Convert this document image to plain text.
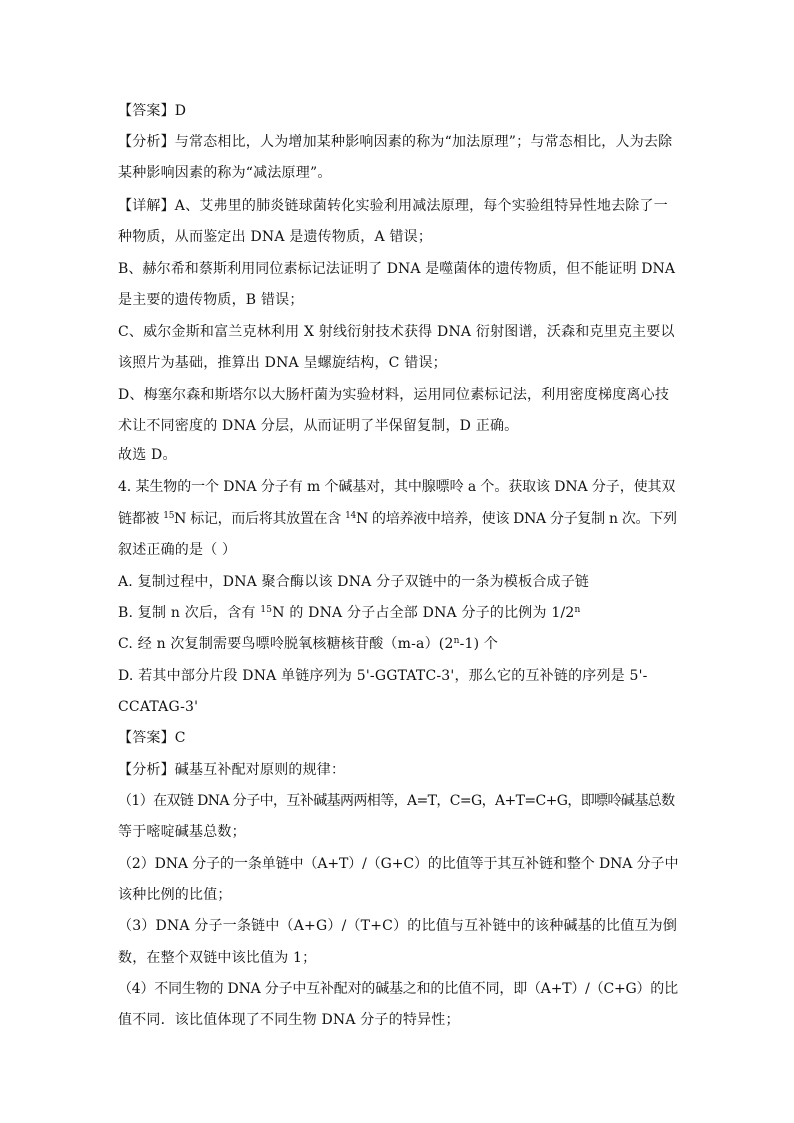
【答案】D
【分析】与常态相比，人为增加某种影响因素的称为“加法原理”；与常态相比，人为去除
某种影响因素的称为“减法原理”。
【详解】A、艾弗里的肺炎链球菌转化实验利用减法原理，每个实验组特异性地去除了一
种物质，从而鉴定出 DNA 是遗传物质，A 错误；
B、赫尔希和蔡斯利用同位素标记法证明了 DNA 是噬菌体的遗传物质，但不能证明 DNA
是主要的遗传物质，B 错误；
C、威尔金斯和富兰克林利用 X 射线衍射技术获得 DNA 衍射图谱，沃森和克里克主要以
该照片为基础，推算出 DNA 呈螺旋结构，C 错误；
D、梅塞尔森和斯塔尔以大肠杆菌为实验材料，运用同位素标记法，利用密度梯度离心技
术让不同密度的 DNA 分层，从而证明了半保留复制，D 正确。
故选 D。
4. 某生物的一个 DNA 分子有 m 个碱基对，其中腺嘌呤 a 个。获取该 DNA 分子，使其双
链都被 $^{15}$N 标记，而后将其放置在含 $^{14}$N 的培养液中培养，使该 DNA 分子复制 n 次。下列
叙述正确的是（ ）
A. 复制过程中，DNA 聚合酶以该 DNA 分子双链中的一条为模板合成子链
B. 复制 n 次后，含有 $^{15}$N 的 DNA 分子占全部 DNA 分子的比例为 1/2$^n$
C. 经 n 次复制需要鸟嘌呤脱氧核糖核苷酸（m-a）(2$^n$-1) 个
D. 若其中部分片段 DNA 单链序列为 5'-GGTATC-3'，那么它的互补链的序列是 5'-
CCATAG-3'
【答案】C
【分析】碱基互补配对原则的规律：
（1）在双链 DNA 分子中，互补碱基两两相等，A=T，C=G，A+T=C+G，即嘌呤碱基总数
等于嘧啶碱基总数；
（2）DNA 分子的一条单链中（A+T）/（G+C）的比值等于其互补链和整个 DNA 分子中
该种比例的比值；
（3）DNA 分子一条链中（A+G）/（T+C）的比值与互补链中的该种碱基的比值互为倒
数，在整个双链中该比值为 1；
（4）不同生物的 DNA 分子中互补配对的碱基之和的比值不同，即（A+T）/（C+G）的比
值不同．该比值体现了不同生物 DNA 分子的特异性；
